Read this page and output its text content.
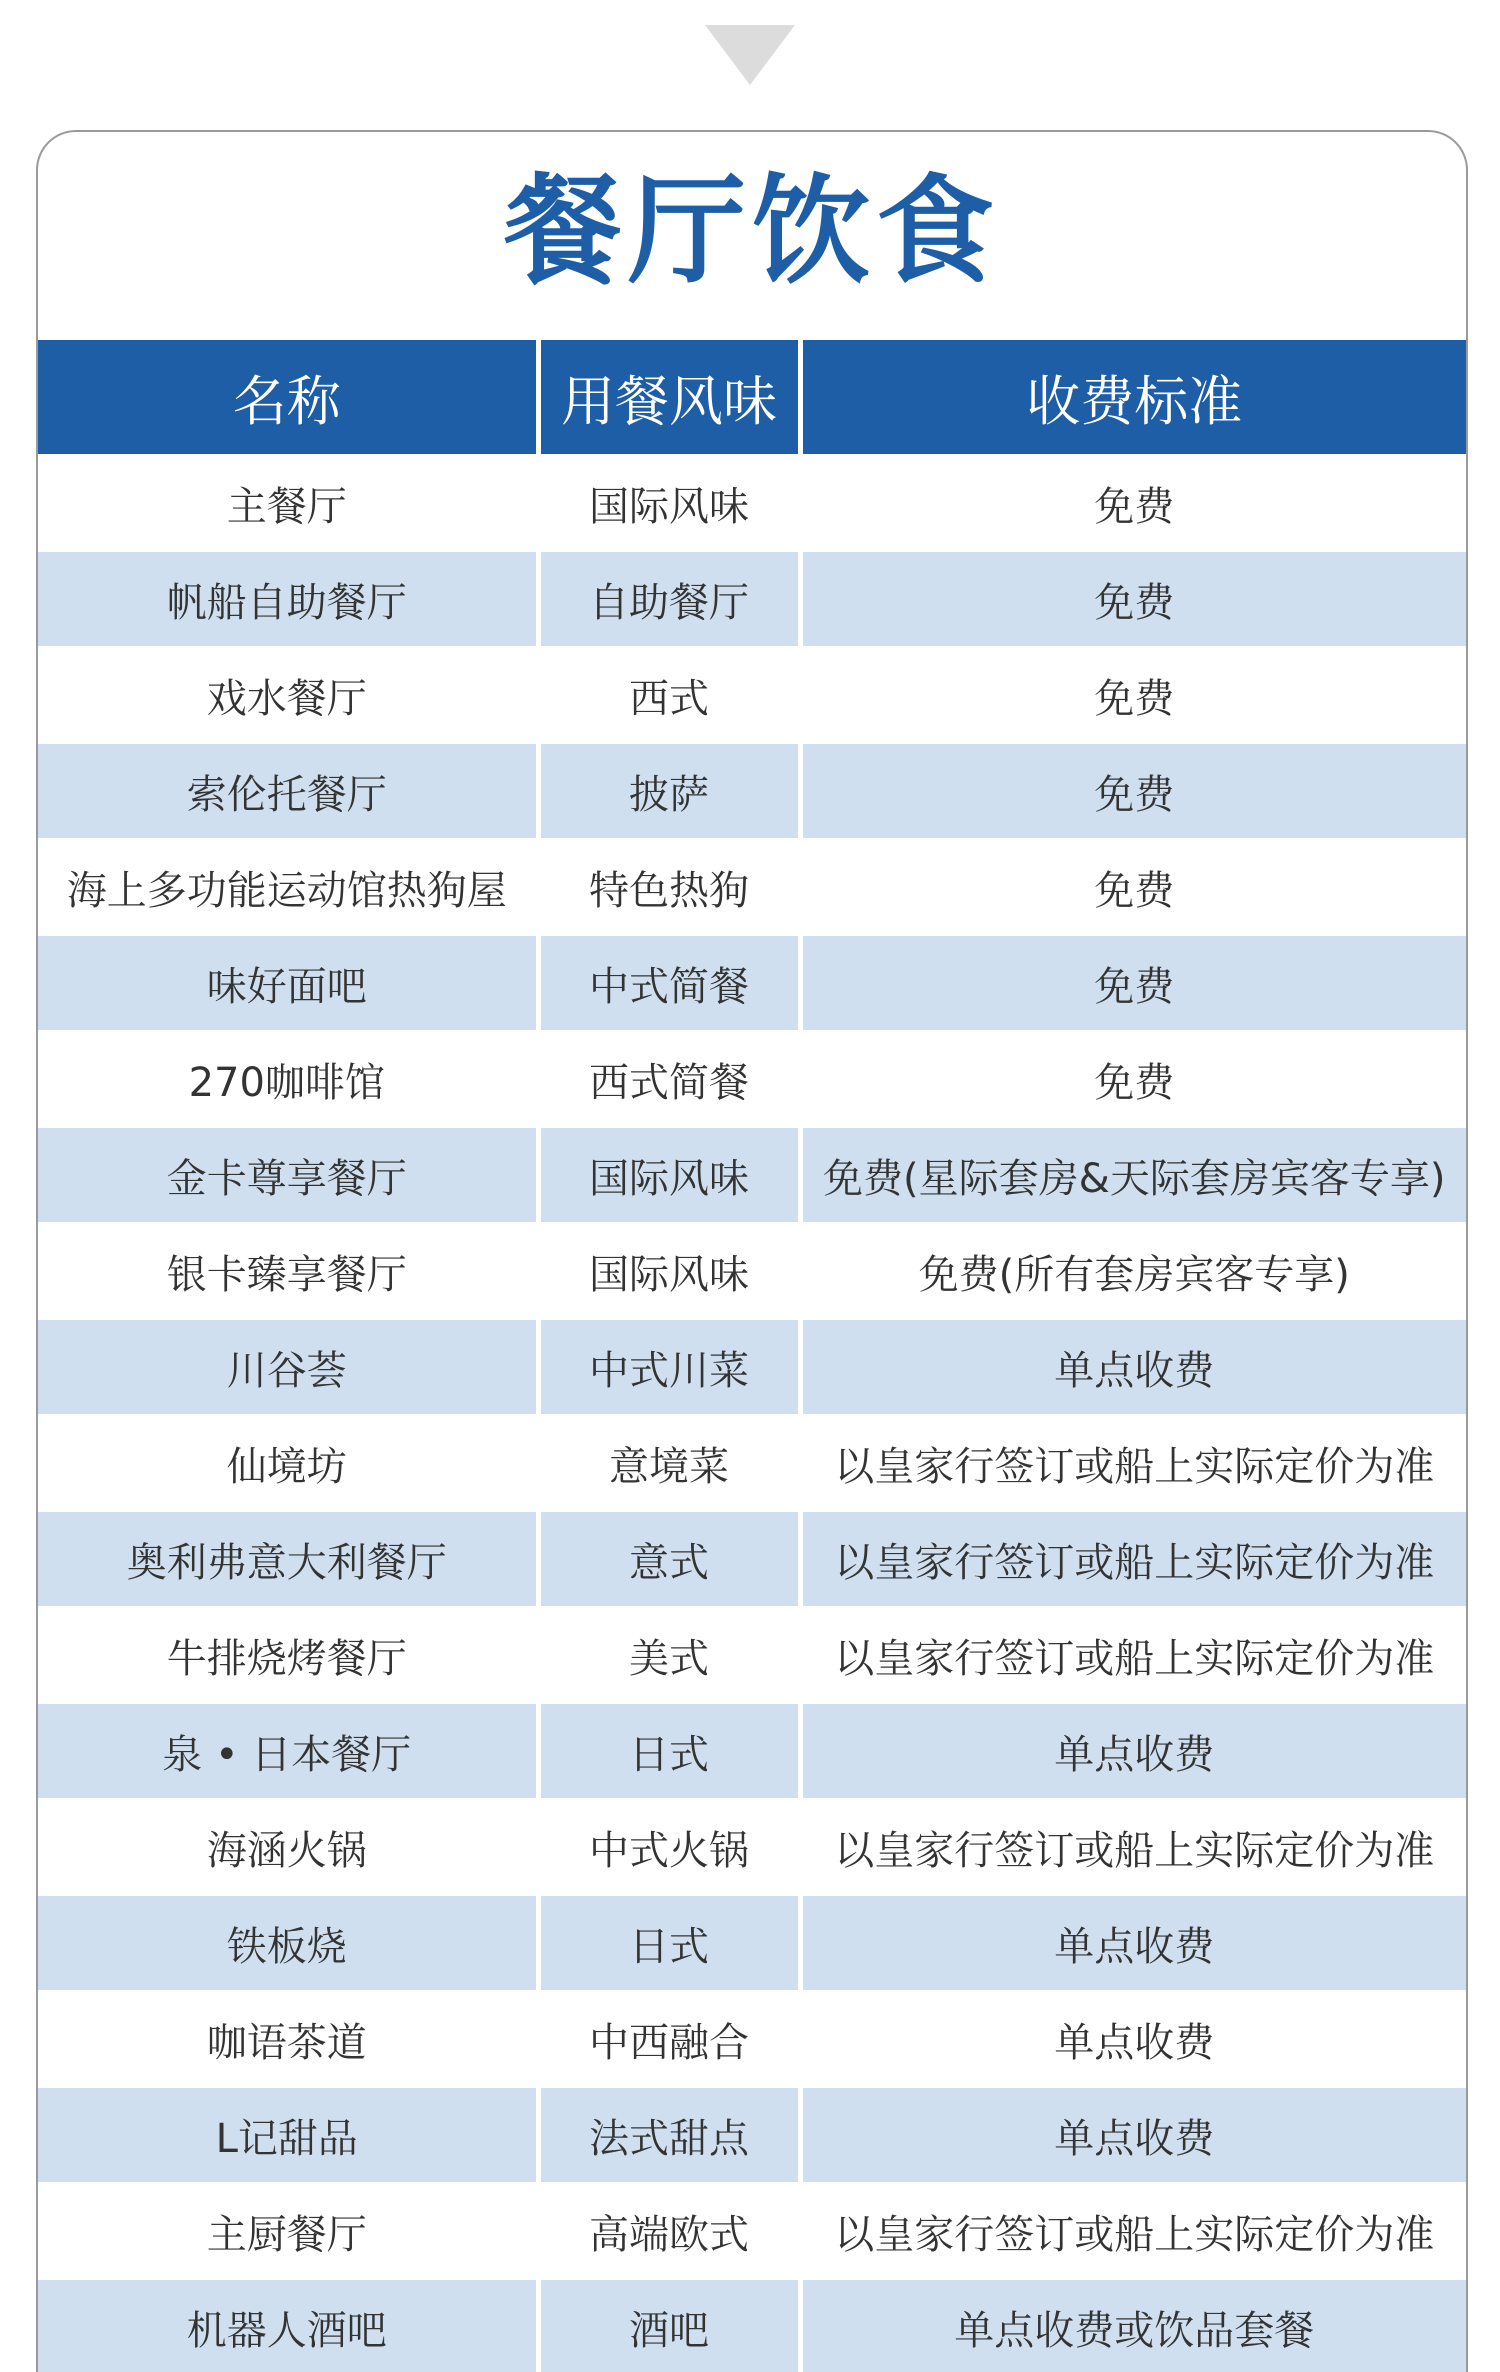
餐厅饮食
名称	用餐风味	收费标准
主餐厅	国际风味	免费
帆船自助餐厅	自助餐厅	免费
戏水餐厅	西式	免费
索伦托餐厅	披萨	免费
海上多功能运动馆热狗屋	特色热狗	免费
味好面吧	中式简餐	免费
270咖啡馆	西式简餐	免费
金卡尊享餐厅	国际风味	免费(星际套房&天际套房宾客专享)
银卡臻享餐厅	国际风味	免费(所有套房宾客专享)
川谷荟	中式川菜	单点收费
仙境坊	意境菜	以皇家行签订或船上实际定价为准
奥利弗意大利餐厅	意式	以皇家行签订或船上实际定价为准
牛排烧烤餐厅	美式	以皇家行签订或船上实际定价为准
泉 • 日本餐厅	日式	单点收费
海涵火锅	中式火锅	以皇家行签订或船上实际定价为准
铁板烧	日式	单点收费
咖语茶道	中西融合	单点收费
L记甜品	法式甜点	单点收费
主厨餐厅	高端欧式	以皇家行签订或船上实际定价为准
机器人酒吧	酒吧	单点收费或饮品套餐
